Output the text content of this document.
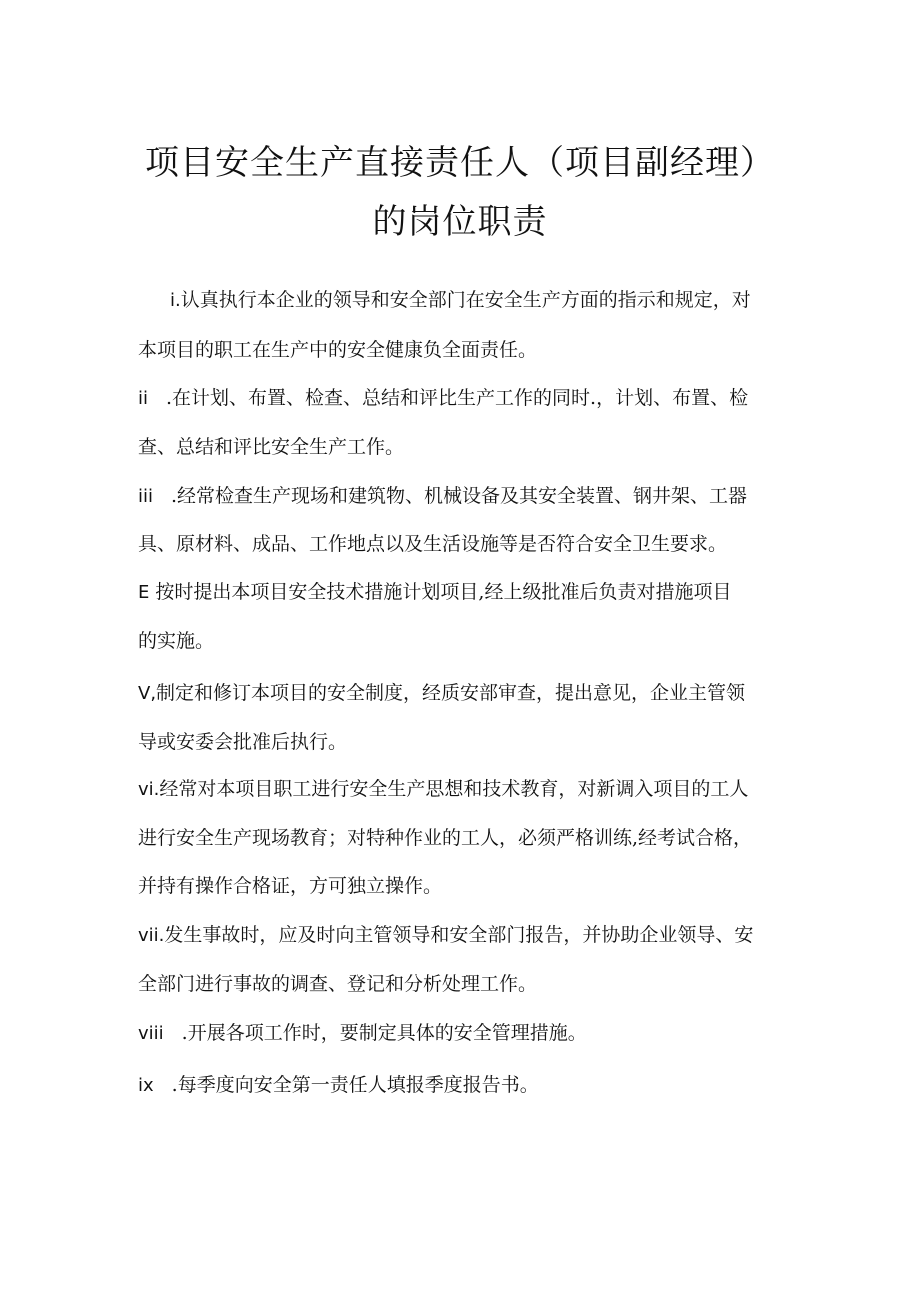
项目安全生产直接责任人（项目副经理）
的岗位职责
i.认真执行本企业的领导和安全部门在安全生产方面的指示和规定，对
本项目的职工在生产中的安全健康负全面责任。
ii .在计划、布置、检查、总结和评比生产工作的同时.，计划、布置、检
查、总结和评比安全生产工作。
iii .经常检查生产现场和建筑物、机械设备及其安全装置、钢井架、工器
具、原材料、成品、工作地点以及生活设施等是否符合安全卫生要求。
E 按时提出本项目安全技术措施计划项目,经上级批准后负责对措施项目
的实施。
V,制定和修订本项目的安全制度，经质安部审查，提出意见，企业主管领
导或安委会批准后执行。
vi.经常对本项目职工进行安全生产思想和技术教育，对新调入项目的工人
进行安全生产现场教育；对特种作业的工人，必须严格训练,经考试合格，
并持有操作合格证，方可独立操作。
vii.发生事故时，应及时向主管领导和安全部门报告，并协助企业领导、安
全部门进行事故的调查、登记和分析处理工作。
viii .开展各项工作时，要制定具体的安全管理措施。
ix .每季度向安全第一责任人填报季度报告书。
